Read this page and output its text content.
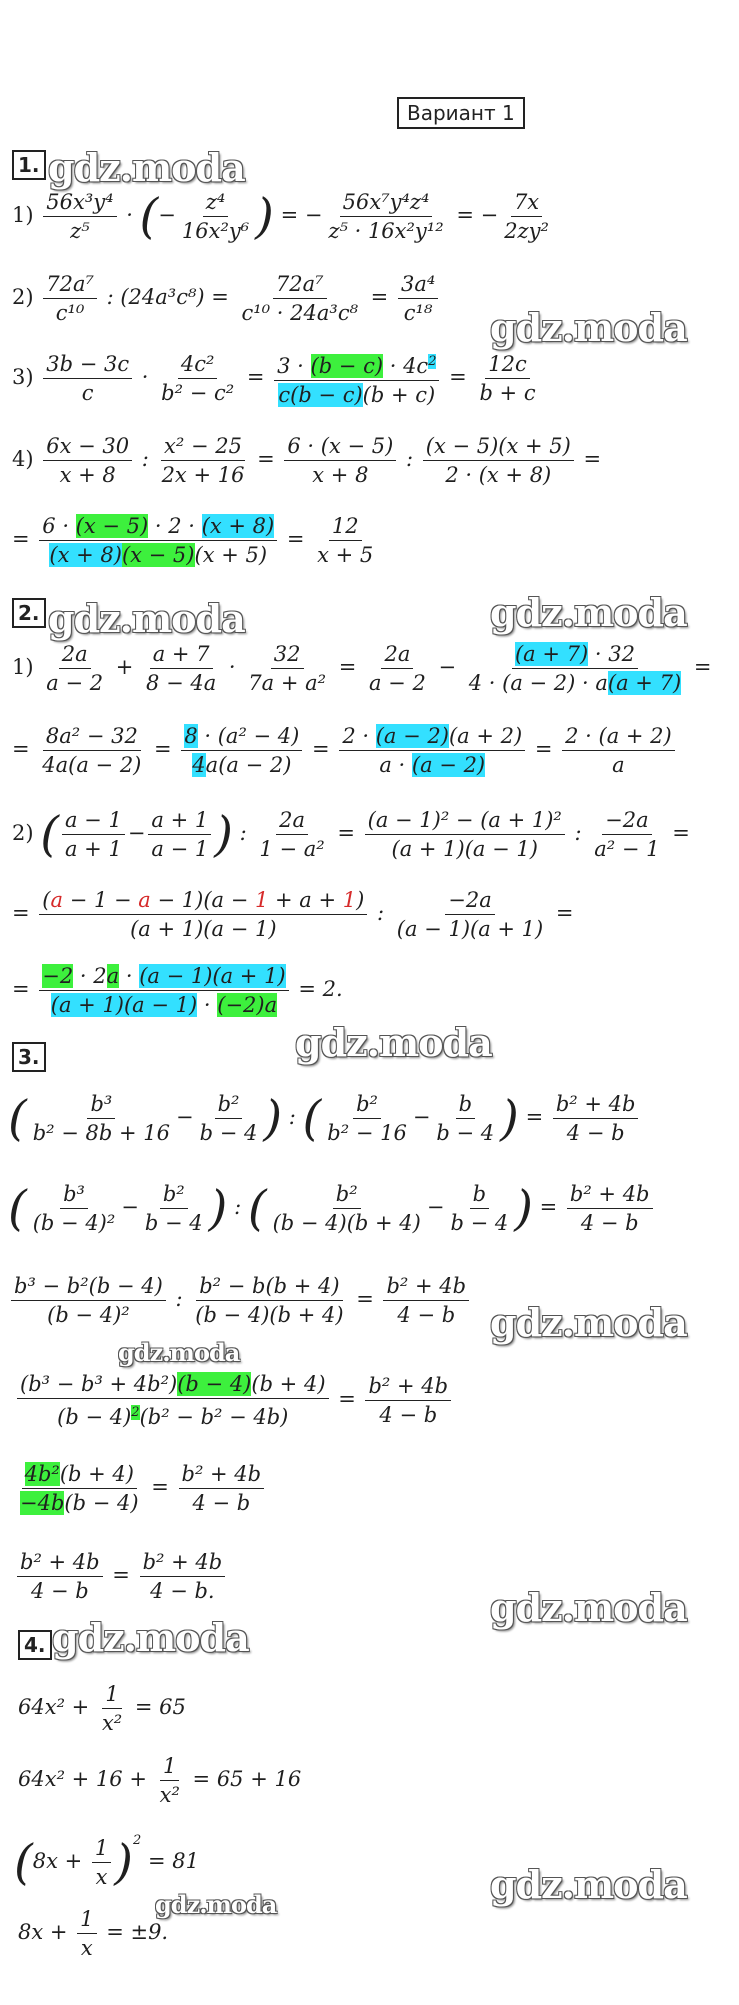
Вариант 1
gdz.moda
gdz.moda
gdz.moda	gdz.moda
gdz.moda
gdz.moda
gdz.moda
gdz.moda
gdz.moda
gdz.moda
gdz.moda
1.
$1) \frac{\text{56x³y⁴}}{\text{z⁵}}$ · (− $\frac{\text{z⁴}}{\text{16x²y⁶}}$ ) = − $\frac{\text{56x⁷y⁴z⁴}}{\text{z⁵ · 16x²y¹²}}$ = − $\frac{7x}{\text{2zy²}}$
$2) \frac{\text{72a⁷}}{\text{c¹⁰}}$ : $(24a^3c^8) = \frac{\text{72a⁷}}{\text{c¹⁰ · 24a³c⁸}} = \frac{\text{3a⁴}}{\text{c¹⁸}}$
$3) \frac{3b - 3c}{c} \cdot \frac{\text{4c²}}{\text{b² − c²}} = \frac{3 \cdot (b - c) \cdot 4c^2}{c(b - c)(b + c)} = \frac{12c}{b + c}$
$4) \frac{6x - 30}{x + 8}$ : $\frac{\text{x² − 25}}{2x + 16} = \frac{6 \cdot (x - 5)}{x + 8}$ : $\frac{(x - 5)(x + 5)}{2 \cdot (x + 8)}$ =
= $\frac{6 \cdot (x - 5) \cdot 2 \cdot (x + 8)}{(x + 8)(x - 5)(x + 5)} = \frac{12}{x + 5}$
2.
$1) \frac{2a}{a - 2} + \frac{a + 7}{8 - 4a} \cdot \frac{32}{\text{7a + a²}} = \frac{2a}{a - 2} - \frac{(a + 7) \cdot 32}{4 \cdot (a - 2) \cdot a(a + 7)}$ =
= $\frac{\text{8a² − 32}}{4a(a - 2)} = \frac{\text{8 · (a² − 4)}}{4a(a - 2)} = \frac{2 \cdot (a - 2)(a + 2)}{a \cdot (a - 2)} = \frac{2 \cdot (a + 2)}{a}$
2) ( $\frac{a - 1}{a + 1} - \frac{a + 1}{a - 1}$ ) : $\frac{2a}{\text{1 − a²}} = \frac{\text{(a − 1)² − (a + 1)²}}{(a + 1)(a - 1)}$ : $\frac{-2a}{\text{a² − 1}}$ =
= $\frac{(a - 1 - a - 1)(a - 1 + a + 1)}{(a + 1)(a - 1)}$ : $\frac{-2a}{(a - 1)(a + 1)}$ =
= $\frac{-2 \cdot 2a \cdot (a - 1)(a + 1)}{(a + 1)(a - 1) \cdot (-2)a} = 2$.
3.
( $\frac{\text{b³}}{\text{b² − 8b + 16}} - \frac{\text{b²}}{b - 4}$ ) : ( $\frac{\text{b²}}{\text{b² − 16}} - \frac{b}{b - 4}$ ) = $\frac{\text{b² + 4b}}{4 - b}$
( $\frac{\text{b³}}{\text{(b − 4)²}} - \frac{\text{b²}}{b - 4}$ ) : ( $\frac{\text{b²}}{(b - 4)(b + 4)} - \frac{b}{b - 4}$ ) = $\frac{\text{b² + 4b}}{4 - b}$
$\frac{\text{b³ − b²(b − 4)}}{\text{(b − 4)²}}$ : $\frac{\text{b² − b(b + 4)}}{(b - 4)(b + 4)} = \frac{\text{b² + 4b}}{4 - b}$
$\frac{\text{(b³ − b³ + 4b²)(b − 4)(b + 4)}}{(b - 4)^2(b^2 - b^2 - 4b)} = \frac{\text{b² + 4b}}{4 - b}$
$\frac{\text{4b²(b + 4)}}{-4b(b - 4)} = \frac{\text{b² + 4b}}{4 - b}$
$\frac{\text{b² + 4b}}{4 - b} = \frac{\text{b² + 4b}}{4 - b.}$
4.
$64x^2 + \frac{1}{\text{x²}} = 65$
$64x^2 + 16 + \frac{1}{\text{x²}} = 65 + 16$
$(8x + \frac{1}{x} )^2 = 81$
$8x + \frac{1}{x} = \pm 9$.
